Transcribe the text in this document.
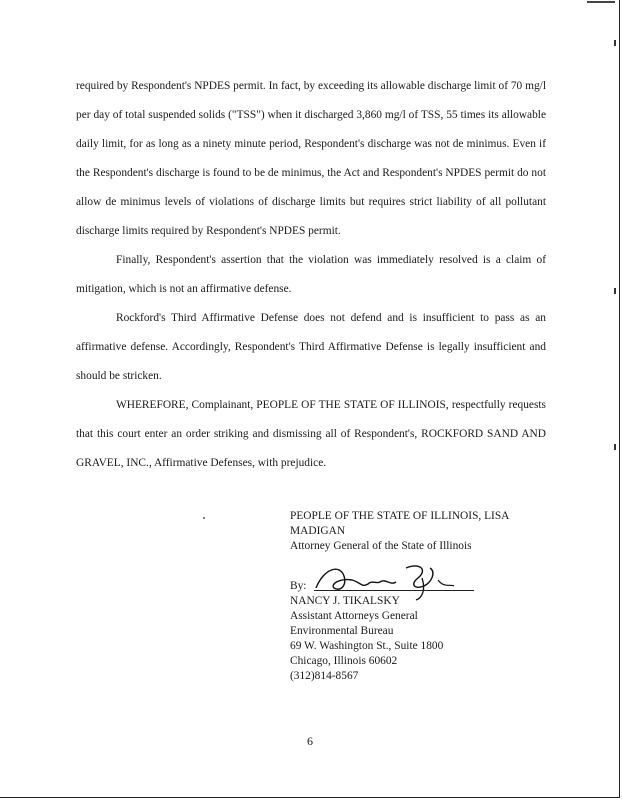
required by Respondent's NPDES permit. In fact, by exceeding its allowable discharge limit of 70 mg/l per day of total suspended solids ("TSS") when it discharged 3,860 mg/l of TSS, 55 times its allowable daily limit, for as long as a ninety minute period, Respondent's discharge was not de minimus. Even if the Respondent's discharge is found to be de minimus, the Act and Respondent's NPDES permit do not allow de minimus levels of violations of discharge limits but requires strict liability of all pollutant discharge limits required by Respondent's NPDES permit.

Finally, Respondent's assertion that the violation was immediately resolved is a claim of mitigation, which is not an affirmative defense.

Rockford's Third Affirmative Defense does not defend and is insufficient to pass as an affirmative defense. Accordingly, Respondent's Third Affirmative Defense is legally insufficient and should be stricken.

WHEREFORE, Complainant, PEOPLE OF THE STATE OF ILLINOIS, respectfully requests that this court enter an order striking and dismissing all of Respondent's, ROCKFORD SAND AND GRAVEL, INC., Affirmative Defenses, with prejudice.

PEOPLE OF THE STATE OF ILLINOIS, LISA
MADIGAN
Attorney General of the State of Illinois
By:
NANCY J. TIKALSKY
Assistant Attorneys General
Environmental Bureau
69 W. Washington St., Suite 1800
Chicago, Illinois 60602
(312)814-8567
6
